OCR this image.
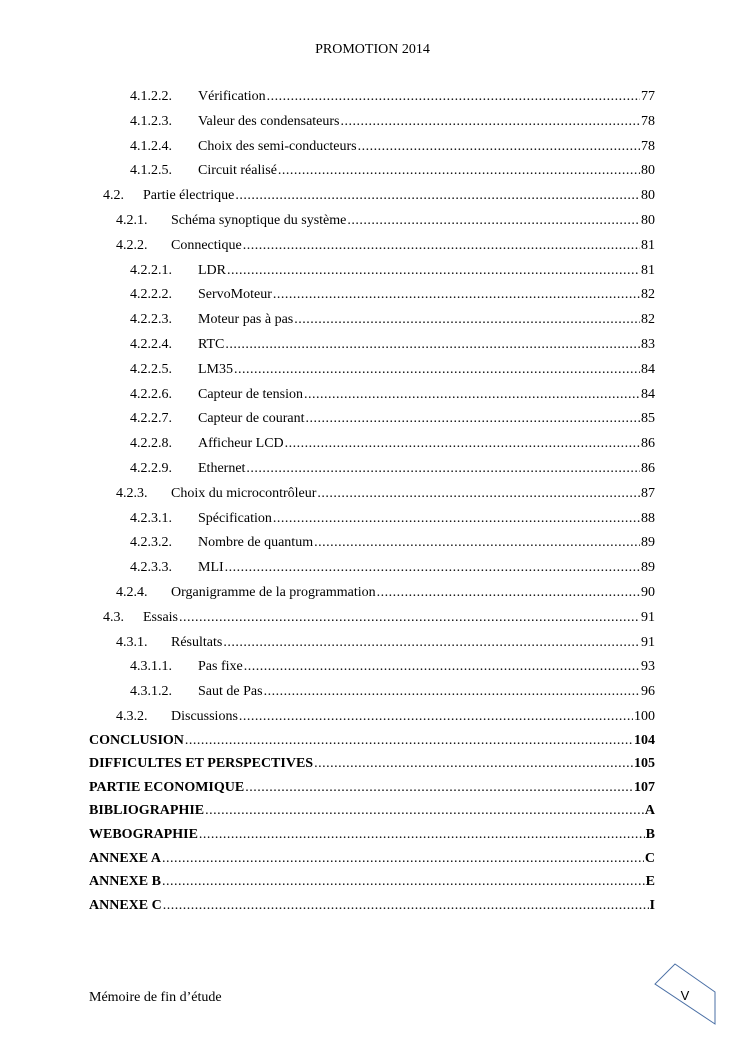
PROMOTION 2014
4.1.2.2.	Vérification .....	77
4.1.2.3.	Valeur des condensateurs .....	78
4.1.2.4.	Choix des semi-conducteurs .....	78
4.1.2.5.	Circuit réalisé .....	80
4.2.	Partie électrique .....	80
4.2.1.	Schéma synoptique du système .....	80
4.2.2.	Connectique .....	81
4.2.2.1.	LDR .....	81
4.2.2.2.	ServoMoteur .....	82
4.2.2.3.	Moteur pas à pas .....	82
4.2.2.4.	RTC .....	83
4.2.2.5.	LM35 .....	84
4.2.2.6.	Capteur de tension .....	84
4.2.2.7.	Capteur de courant .....	85
4.2.2.8.	Afficheur LCD .....	86
4.2.2.9.	Ethernet .....	86
4.2.3.	Choix du microcontrôleur .....	87
4.2.3.1.	Spécification .....	88
4.2.3.2.	Nombre de quantum .....	89
4.2.3.3.	MLI .....	89
4.2.4.	Organigramme de la programmation .....	90
4.3.	Essais .....	91
4.3.1.	Résultats .....	91
4.3.1.1.	Pas fixe .....	93
4.3.1.2.	Saut de Pas .....	96
4.3.2.	Discussions .....	100
CONCLUSION .....	104
DIFFICULTES ET PERSPECTIVES .....	105
PARTIE ECONOMIQUE .....	107
BIBLIOGRAPHIE .....	A
WEBOGRAPHIE .....	B
ANNEXE A .....	C
ANNEXE B .....	E
ANNEXE C .....	I
Mémoire de fin d’étude	V
